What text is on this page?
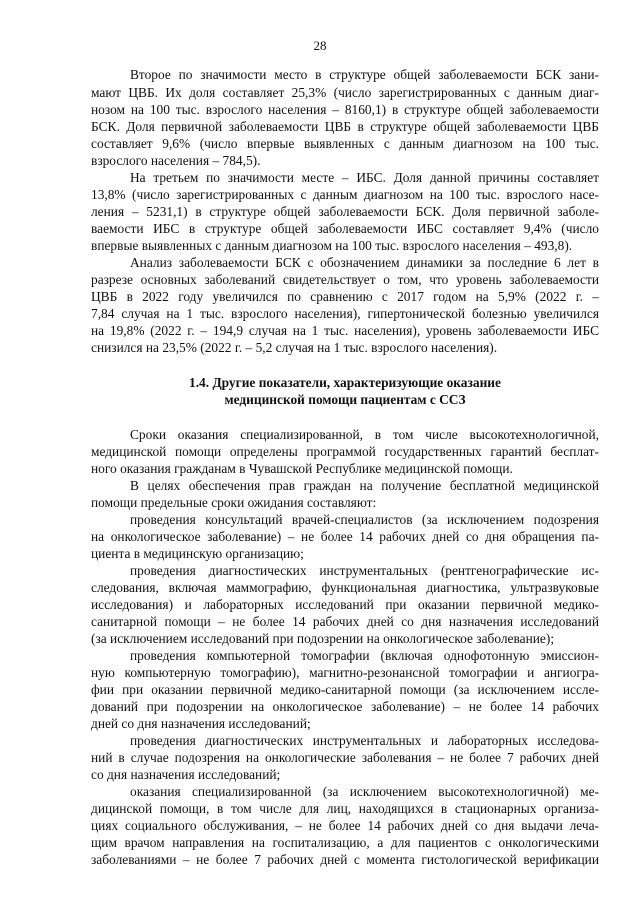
28
Второе по значимости место в структуре общей заболеваемости БСК зани-
мают ЦВБ. Их доля составляет 25,3% (число зарегистрированных с данным диаг-
нозом на 100 тыс. взрослого населения – 8160,1) в структуре общей заболеваемости
БСК. Доля первичной заболеваемости ЦВБ в структуре общей заболеваемости ЦВБ
составляет 9,6% (число впервые выявленных с данным диагнозом на 100 тыс.
взрослого населения – 784,5).
На третьем по значимости месте – ИБС. Доля данной причины составляет
13,8% (число зарегистрированных с данным диагнозом на 100 тыс. взрослого насе-
ления – 5231,1) в структуре общей заболеваемости БСК. Доля первичной заболе-
ваемости ИБС в структуре общей заболеваемости ИБС составляет 9,4% (число
впервые выявленных с данным диагнозом на 100 тыс. взрослого населения – 493,8).
Анализ заболеваемости БСК с обозначением динамики за последние 6 лет в
разрезе основных заболеваний свидетельствует о том, что уровень заболеваемости
ЦВБ в 2022 году увеличился по сравнению с 2017 годом на 5,9% (2022 г. –
7,84 случая на 1 тыс. взрослого населения), гипертонической болезнью увеличился
на 19,8% (2022 г. – 194,9 случая на 1 тыс. населения), уровень заболеваемости ИБС
снизился на 23,5% (2022 г. – 5,2 случая на 1 тыс. взрослого населения).
1.4. Другие показатели, характеризующие оказание
медицинской помощи пациентам с ССЗ
Сроки оказания специализированной, в том числе высокотехнологичной,
медицинской помощи определены программой государственных гарантий бесплат-
ного оказания гражданам в Чувашской Республике медицинской помощи.
В целях обеспечения прав граждан на получение бесплатной медицинской
помощи предельные сроки ожидания составляют:
проведения консультаций врачей-специалистов (за исключением подозрения
на онкологическое заболевание) – не более 14 рабочих дней со дня обращения па-
циента в медицинскую организацию;
проведения диагностических инструментальных (рентгенографические ис-
следования, включая маммографию, функциональная диагностика, ультразвуковые
исследования) и лабораторных исследований при оказании первичной медико-
санитарной помощи – не более 14 рабочих дней со дня назначения исследований
(за исключением исследований при подозрении на онкологическое заболевание);
проведения компьютерной томографии (включая однофотонную эмиссион-
ную компьютерную томографию), магнитно-резонансной томографии и ангиогра-
фии при оказании первичной медико-санитарной помощи (за исключением иссле-
дований при подозрении на онкологическое заболевание) – не более 14 рабочих
дней со дня назначения исследований;
проведения диагностических инструментальных и лабораторных исследова-
ний в случае подозрения на онкологические заболевания – не более 7 рабочих дней
со дня назначения исследований;
оказания специализированной (за исключением высокотехнологичной) ме-
дицинской помощи, в том числе для лиц, находящихся в стационарных организа-
циях социального обслуживания, – не более 14 рабочих дней со дня выдачи леча-
щим врачом направления на госпитализацию, а для пациентов с онкологическими
заболеваниями – не более 7 рабочих дней с момента гистологической верификации
